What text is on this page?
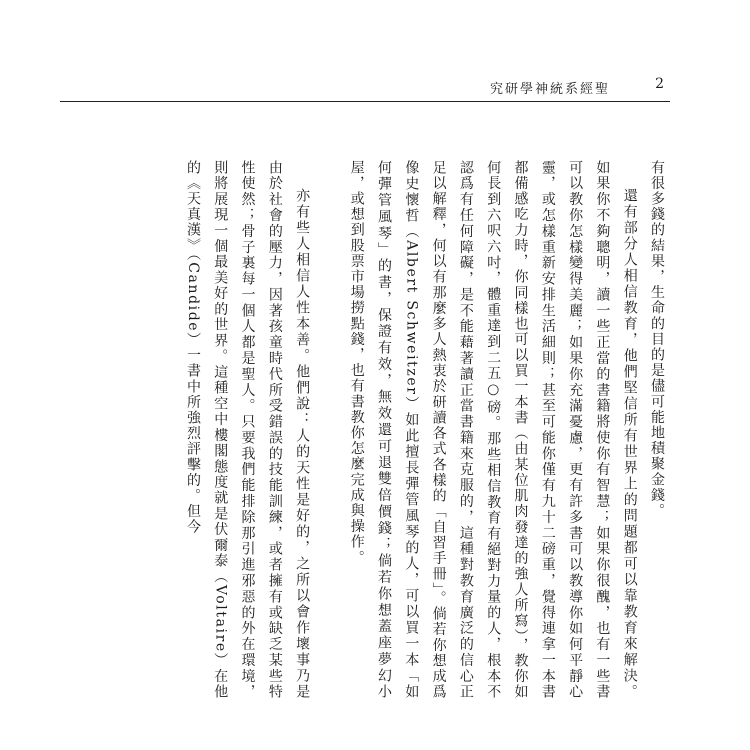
聖經系統神學研究	2

有很多錢的結果，生命的目的是儘可能地積聚金錢。

還有部分人相信教育，他們堅信所有世界上的問題都可以靠教育來解決。如果你不夠聰明，讀一些正當的書籍將使你有智慧；如果你很醜，也有一些書可以教你怎樣變得美麗；如果你充滿憂慮，更有許多書可以教導你如何平靜心靈，或怎樣重新安排生活細則；甚至可能你僅有九十二磅重，覺得連拿一本書都備感吃力時，你同樣也可以買一本書（由某位肌肉發達的強人所寫），教你如何長到六呎六吋，體重達到二五○磅。那些相信教育有絕對力量的人，根本不認爲有任何障礙，是不能藉著讀正當書籍來克服的，這種對教育廣泛的信心正足以解釋，何以有那麼多人熱衷於研讀各式各樣的「自習手冊」。倘若你想成爲像史懷哲（Albert Schweitzer）如此擅長彈管風琴的人，可以買一本「如何彈管風琴」的書，保證有效，無效還可退雙倍價錢；倘若你想蓋座夢幻小屋，或想到股票市場撈點錢，也有書教你怎麼完成與操作。

亦有些人相信人性本善。他們說：人的天性是好的，之所以會作壞事乃是由於社會的壓力，因著孩童時代所受錯誤的技能訓練，或者擁有或缺乏某些特性使然；骨子裏每一個人都是聖人。只要我們能排除那引進邪惡的外在環境，則將展現一個最美好的世界。這種空中樓閣態度就是伏爾泰（Voltaire）在他的《天真漢》（Candide）一書中所強烈評擊的。但今
